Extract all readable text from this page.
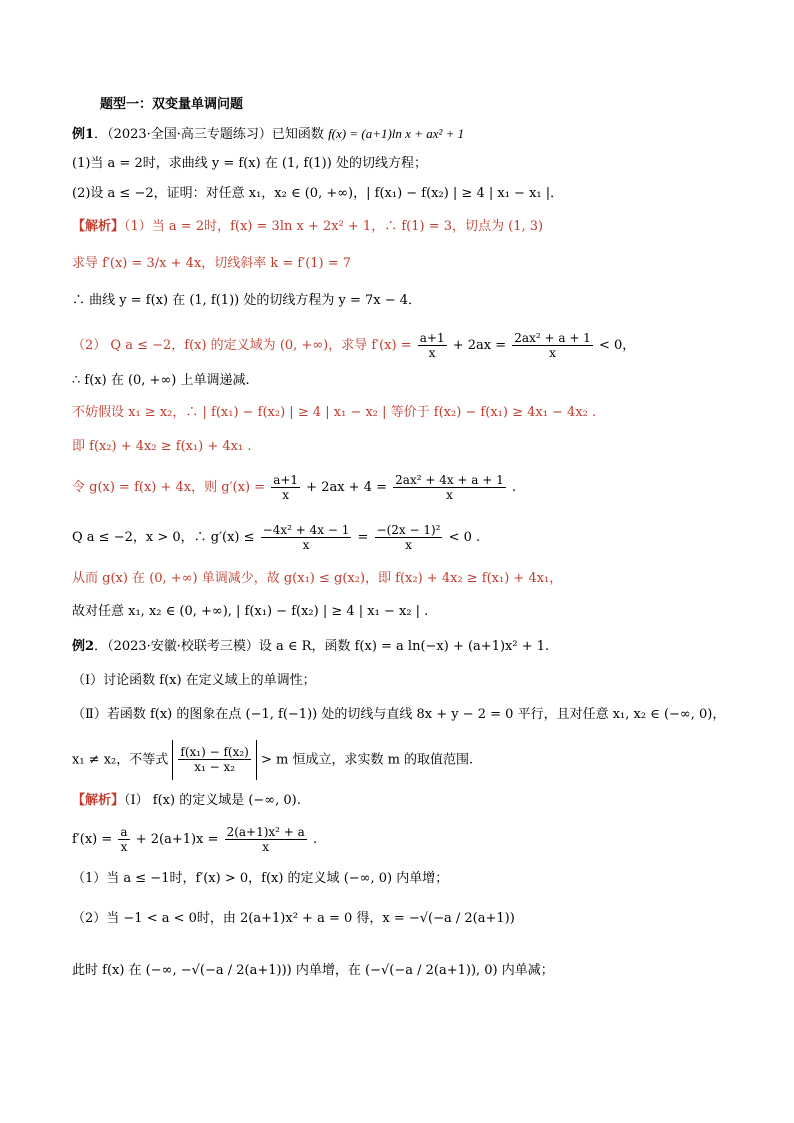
题型一：双变量单调问题
例1．（2023·全国·高三专题练习）已知函数 f(x) = (a+1)ln x + ax² + 1
(1)当 a = 2时，求曲线 y = f(x) 在 (1, f(1)) 处的切线方程；
(2)设 a ≤ −2，证明：对任意 x₁，x₂ ∈ (0, +∞)，| f(x₁) − f(x₂) | ≥ 4 | x₁ − x₁ |．
【解析】（1）当 a = 2时，f(x) = 3ln x + 2x² + 1，∴ f(1) = 3，切点为 (1, 3)
求导 f′(x) = 3/x + 4x，切线斜率 k = f′(1) = 7
∴ 曲线 y = f(x) 在 (1, f(1)) 处的切线方程为 y = 7x − 4．
（2） Q a ≤ −2，f(x) 的定义域为 (0, +∞)，求导 $f'(x) = \frac{a+1}{x} + 2ax = \frac{\text{2ax² + a + 1}}{x} < 0$，
∴ f(x) 在 (0, +∞) 上单调递减.
不妨假设 x₁ ≥ x₂，∴ | f(x₁) − f(x₂) | ≥ 4 | x₁ − x₂ | 等价于 f(x₂) − f(x₁) ≥ 4x₁ − 4x₂ .
即 f(x₂) + 4x₂ ≥ f(x₁) + 4x₁ .
令 g(x) = f(x) + 4x，则 $g'(x) = \frac{a+1}{x} + 2ax + 4 = \frac{\text{2ax² + 4x + a + 1}}{x}$ .
Q a ≤ −2，x > 0，∴ $g'(x) \le \frac{\text{−4x² + 4x − 1}}{x} = \frac{\text{−(2x − 1)²}}{x} < 0$ .
从而 g(x) 在 (0, +∞) 单调减少，故 g(x₁) ≤ g(x₂)，即 f(x₂) + 4x₂ ≥ f(x₁) + 4x₁，
故对任意 x₁, x₂ ∈ (0, +∞), | f(x₁) − f(x₂) | ≥ 4 | x₁ − x₂ | .
例2．（2023·安徽·校联考三模）设 a ∈ R，函数 f(x) = a ln(−x) + (a+1)x² + 1.
（Ⅰ）讨论函数 f(x) 在定义域上的单调性；
（Ⅱ）若函数 f(x) 的图象在点 (−1, f(−1)) 处的切线与直线 8x + y − 2 = 0 平行，且对任意 x₁, x₂ ∈ (−∞, 0)，
x₁ ≠ x₂，不等式 $\frac{\text{f(x₁) − f(x₂)}}{\text{x₁ − x₂}} > m$ 恒成立，求实数 m 的取值范围.
【解析】（Ⅰ） f(x) 的定义域是 (−∞, 0).
$f'(x) = \frac{a}{x} + 2(a+1)x = \frac{\text{2(a+1)x² + a}}{x}$ .
（1）当 a ≤ −1时，f′(x) > 0，f(x) 的定义域 (−∞, 0) 内单增；
（2）当 −1 < a < 0时，由 2(a+1)x² + a = 0 得，x = −√(−a / 2(a+1))
此时 f(x) 在 (−∞, −√(−a / 2(a+1))) 内单增，在 (−√(−a / 2(a+1)), 0) 内单减；
